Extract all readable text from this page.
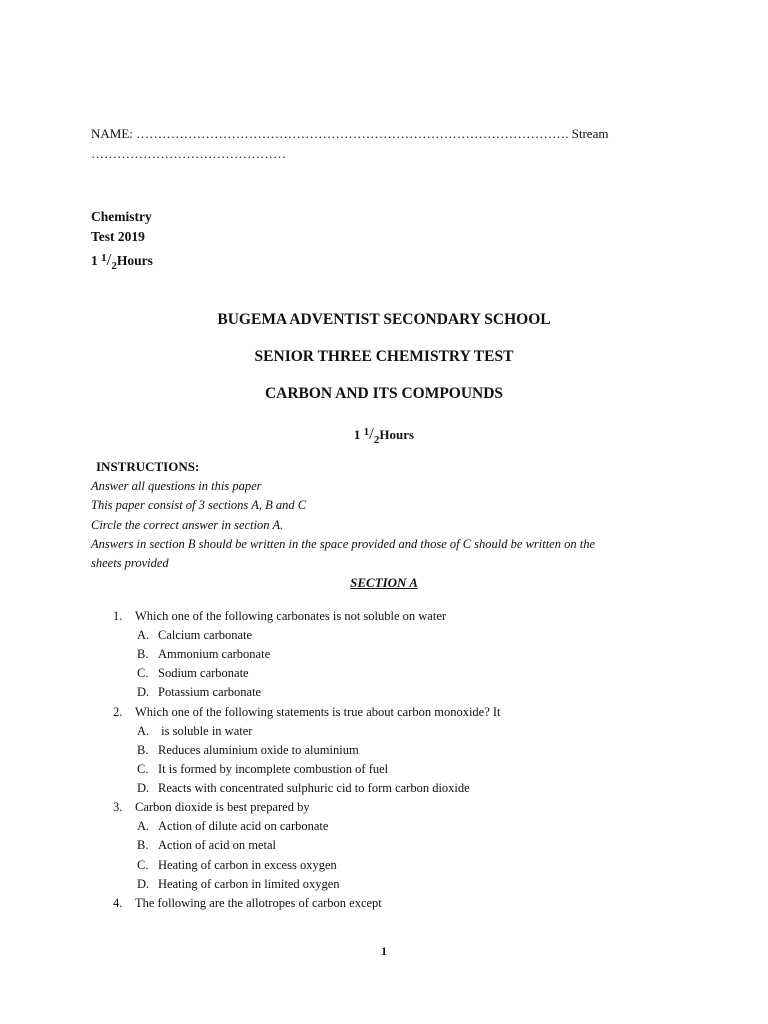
NAME: ………………………………………………………………………………………. Stream
………………………………………
Chemistry
Test 2019
1 $^1/_2Hours$
BUGEMA ADVENTIST SECONDARY SCHOOL
SENIOR THREE CHEMISTRY TEST
CARBON AND ITS COMPOUNDS
1 $^1/_2Hours$
INSTRUCTIONS:
Answer all questions in this paper
This paper consist of 3 sections A, B and C
Circle the correct answer in section A.
Answers in section B should be written in the space provided and those of C should be written on the
sheets provided
SECTION A
1. Which one of the following carbonates is not soluble on water
A. Calcium carbonate
B. Ammonium carbonate
C. Sodium carbonate
D. Potassium carbonate
2. Which one of the following statements is true about carbon monoxide? It
A. is soluble in water
B. Reduces aluminium oxide to aluminium
C. It is formed by incomplete combustion of fuel
D. Reacts with concentrated sulphuric cid to form carbon dioxide
3. Carbon dioxide is best prepared by
A. Action of dilute acid on carbonate
B. Action of acid on metal
C. Heating of carbon in excess oxygen
D. Heating of carbon in limited oxygen
4. The following are the allotropes of carbon except
1
